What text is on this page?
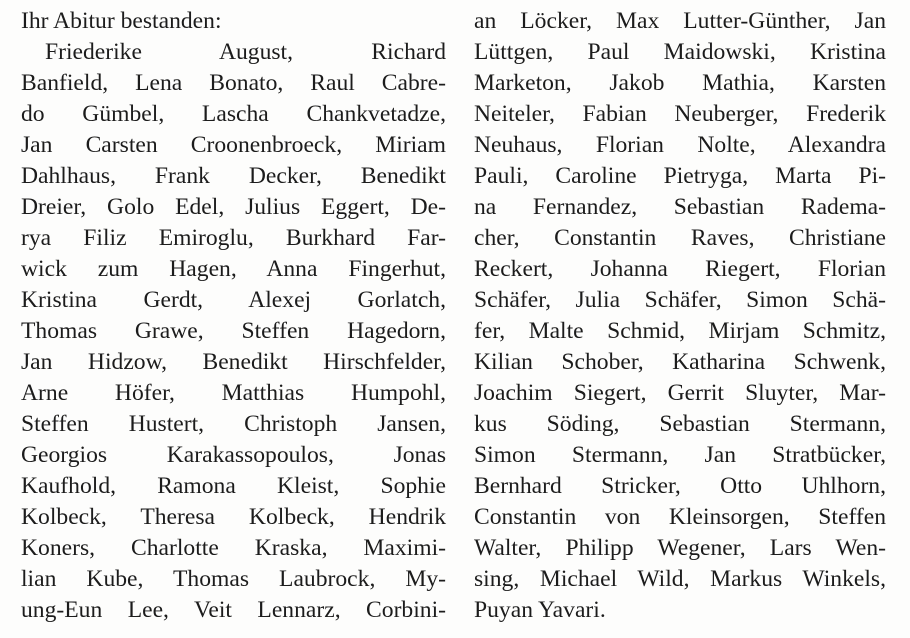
Ihr Abitur bestanden:
Friederike August, Richard
Banfield, Lena Bonato, Raul Cabre-
do Gümbel, Lascha Chankvetadze,
Jan Carsten Croonenbroeck, Miriam
Dahlhaus, Frank Decker, Benedikt
Dreier, Golo Edel, Julius Eggert, De-
rya Filiz Emiroglu, Burkhard Far-
wick zum Hagen, Anna Fingerhut,
Kristina Gerdt, Alexej Gorlatch,
Thomas Grawe, Steffen Hagedorn,
Jan Hidzow, Benedikt Hirschfelder,
Arne Höfer, Matthias Humpohl,
Steffen Hustert, Christoph Jansen,
Georgios Karakassopoulos, Jonas
Kaufhold, Ramona Kleist, Sophie
Kolbeck, Theresa Kolbeck, Hendrik
Koners, Charlotte Kraska, Maximi-
lian Kube, Thomas Laubrock, My-
ung-Eun Lee, Veit Lennarz, Corbini-
an Löcker, Max Lutter-Günther, Jan
Lüttgen, Paul Maidowski, Kristina
Marketon, Jakob Mathia, Karsten
Neiteler, Fabian Neuberger, Frederik
Neuhaus, Florian Nolte, Alexandra
Pauli, Caroline Pietryga, Marta Pi-
na Fernandez, Sebastian Radema-
cher, Constantin Raves, Christiane
Reckert, Johanna Riegert, Florian
Schäfer, Julia Schäfer, Simon Schä-
fer, Malte Schmid, Mirjam Schmitz,
Kilian Schober, Katharina Schwenk,
Joachim Siegert, Gerrit Sluyter, Mar-
kus Söding, Sebastian Stermann,
Simon Stermann, Jan Stratbücker,
Bernhard Stricker, Otto Uhlhorn,
Constantin von Kleinsorgen, Steffen
Walter, Philipp Wegener, Lars Wen-
sing, Michael Wild, Markus Winkels,
Puyan Yavari.
